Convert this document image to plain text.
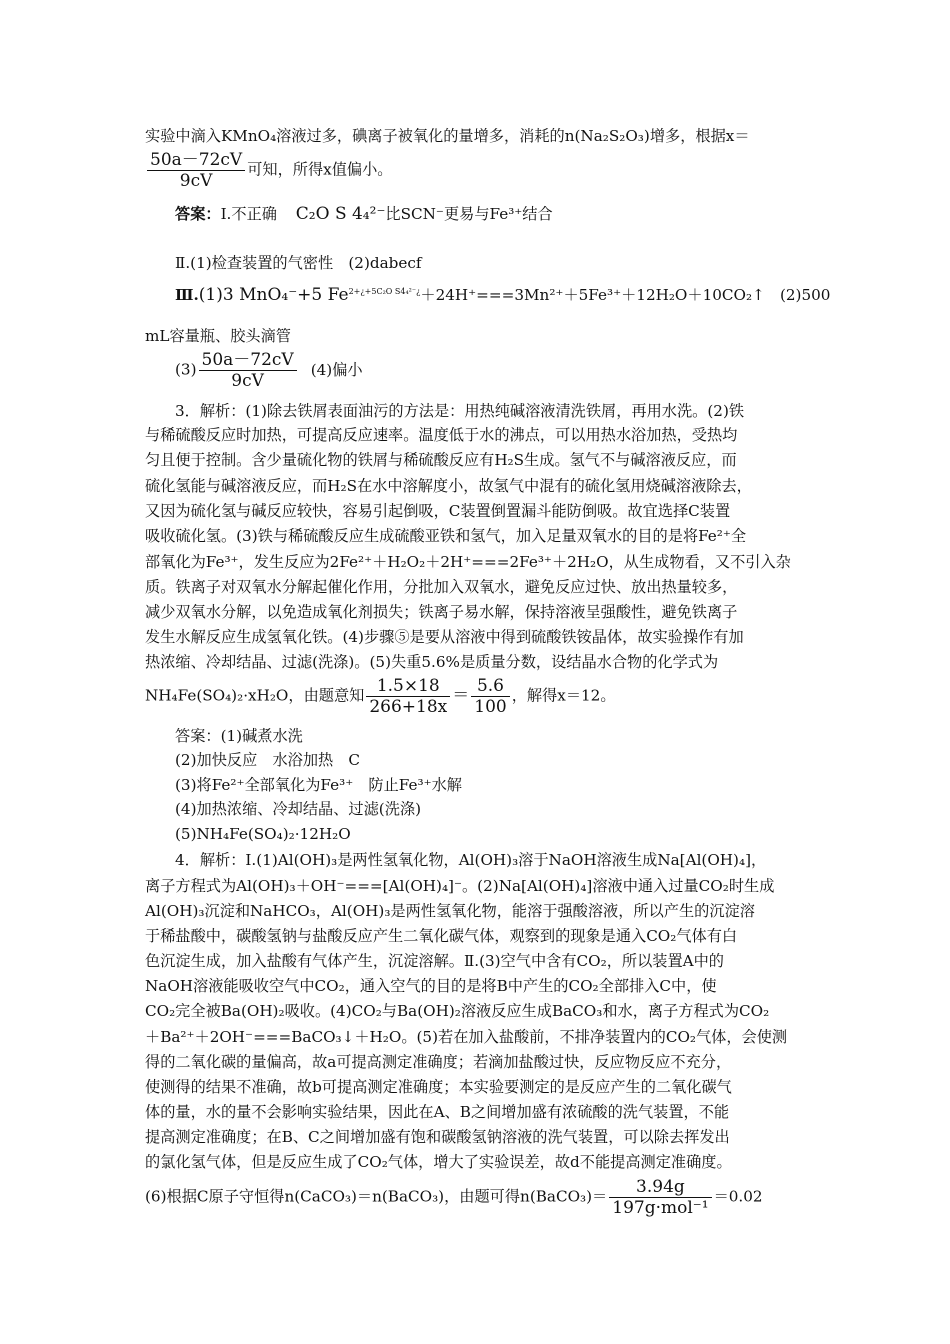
实验中滴入KMnO₄溶液过多，碘离子被氧化的量增多，消耗的n(Na₂S₂O₃)增多，根据x＝
$\frac{50a-72cV}{9cV}$ 可知，所得x值偏小。
答案：Ⅰ.不正确 C₂O S 4₄²⁻比SCN⁻更易与Fe³⁺结合
Ⅱ.(1)检查装置的气密性　(2)dabecf
Ⅲ.(1)3 MnO₄⁻+5 $Fe^{2+¿+5C_2O S4_4^{2-}¿}+24H^+===3Mn^{2+}+5Fe^{3+}+12H_2O+10CO_2↑$　(2)500
mL容量瓶、胶头滴管
$(3) \frac{50a-72cV}{9cV} (4)$偏小
3．解析：(1)除去铁屑表面油污的方法是：用热纯碱溶液清洗铁屑，再用水洗。(2)铁
与稀硫酸反应时加热，可提高反应速率。温度低于水的沸点，可以用热水浴加热，受热均
匀且便于控制。含少量硫化物的铁屑与稀硫酸反应有H₂S生成。氢气不与碱溶液反应，而
硫化氢能与碱溶液反应，而H₂S在水中溶解度小，故氢气中混有的硫化氢用烧碱溶液除去，
又因为硫化氢与碱反应较快，容易引起倒吸，C装置倒置漏斗能防倒吸。故宜选择C装置
吸收硫化氢。(3)铁与稀硫酸反应生成硫酸亚铁和氢气，加入足量双氧水的目的是将Fe²⁺全
部氧化为Fe³⁺，发生反应为2Fe²⁺＋H₂O₂＋2H⁺===2Fe³⁺＋2H₂O，从生成物看，又不引入杂
质。铁离子对双氧水分解起催化作用，分批加入双氧水，避免反应过快、放出热量较多，
减少双氧水分解，以免造成氧化剂损失；铁离子易水解，保持溶液呈强酸性，避免铁离子
发生水解反应生成氢氧化铁。(4)步骤⑤是要从溶液中得到硫酸铁铵晶体，故实验操作有加
热浓缩、冷却结晶、过滤(洗涤)。(5)失重5.6%是质量分数，设结晶水合物的化学式为
NH₄Fe(SO₄)₂·xH₂O，由题意知 $\frac{1.5\times 18}{266+18x} = \frac{5.6}{100}$ ，解得x＝12。
答案：(1)碱煮水洗
(2)加快反应　水浴加热　C
(3)将Fe²⁺全部氧化为Fe³⁺　防止Fe³⁺水解
(4)加热浓缩、冷却结晶、过滤(洗涤)
(5)NH₄Fe(SO₄)₂·12H₂O
4．解析：Ⅰ.(1)Al(OH)₃是两性氢氧化物，Al(OH)₃溶于NaOH溶液生成Na[Al(OH)₄]，
离子方程式为Al(OH)₃＋OH⁻===[Al(OH)₄]⁻。(2)Na[Al(OH)₄]溶液中通入过量CO₂时生成
Al(OH)₃沉淀和NaHCO₃，Al(OH)₃是两性氢氧化物，能溶于强酸溶液，所以产生的沉淀溶
于稀盐酸中，碳酸氢钠与盐酸反应产生二氧化碳气体，观察到的现象是通入CO₂气体有白
色沉淀生成，加入盐酸有气体产生，沉淀溶解。Ⅱ.(3)空气中含有CO₂，所以装置A中的
NaOH溶液能吸收空气中CO₂，通入空气的目的是将B中产生的CO₂全部排入C中，使
CO₂完全被Ba(OH)₂吸收。(4)CO₂与Ba(OH)₂溶液反应生成BaCO₃和水，离子方程式为CO₂
＋Ba²⁺＋2OH⁻===BaCO₃↓＋H₂O。(5)若在加入盐酸前，不排净装置内的CO₂气体，会使测
得的二氧化碳的量偏高，故a可提高测定准确度；若滴加盐酸过快，反应物反应不充分，
使测得的结果不准确，故b可提高测定准确度；本实验要测定的是反应产生的二氧化碳气
体的量，水的量不会影响实验结果，因此在A、B之间增加盛有浓硫酸的洗气装置，不能
提高测定准确度；在B、C之间增加盛有饱和碳酸氢钠溶液的洗气装置，可以除去挥发出
的氯化氢气体，但是反应生成了CO₂气体，增大了实验误差，故d不能提高测定准确度。
(6)根据C原子守恒得n(CaCO₃)＝n(BaCO₃)，由题可得n(BaCO₃)＝ $\frac{3.94g}{\text{197g·mol⁻¹}} =0.02$
